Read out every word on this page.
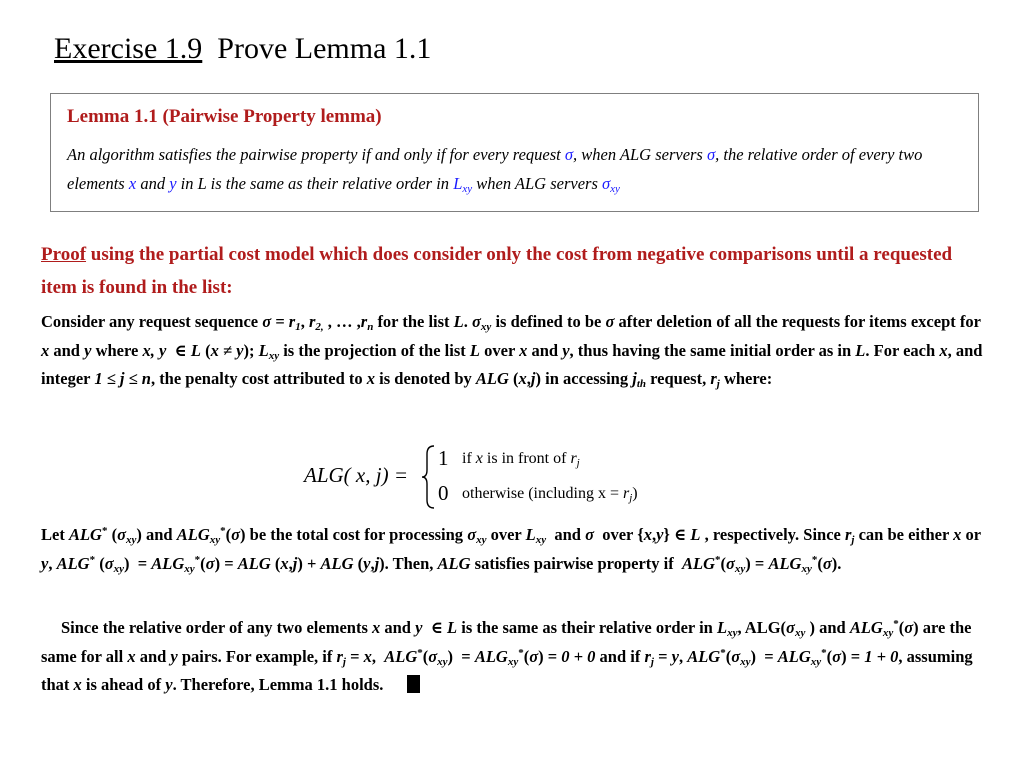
Exercise 1.9 Prove Lemma 1.1
Lemma 1.1 (Pairwise Property lemma)
An algorithm satisfies the pairwise property if and only if for every request σ, when ALG servers σ, the relative order of every two elements x and y in L is the same as their relative order in $L_{xy}$ when ALG servers $\sigma_{xy}$
Proof using the partial cost model which does consider only the cost from negative comparisons until a requested item is found in the list:
Consider any request sequence $\sigma = r_1$, $r_{2,}$ , … $,r_n$ for the list L. $\sigma_{xy}$ is defined to be σ after deletion of all the requests for items except for x and y where x, y  ∈ L (x ≠ y); $L_{xy}$ is the projection of the list L over x and y, thus having the same initial order as in L. For each x, and integer 1 ≤ j ≤ n, the penalty cost attributed to x is denoted by ALG (x,j) in accessing $j_{th}$ request, $r_j$ where:
ALG( x, j) =
1
0
if x is in front of $r_j$
otherwise (including $x = r_j$)
Let ALG* $(\sigma_{xy})$ and $ALG_{xy}^*(\sigma)$ be the total cost for processing $\sigma_{xy}$ over $L_{xy}$  and σ  over {x,y} ∈ L , respectively. Since $r_j$ can be either x or y, ALG* $(\sigma_{xy}) = ALG_{xy}^*(\sigma)$ = ALG (x,j) + ALG (y,j). Then, ALG satisfies pairwise property if  $ALG^*(\sigma_{xy}) = ALG_{xy}^*(\sigma)$.
Since the relative order of any two elements x and y  ∈ L is the same as their relative order in $L_{xy}$, $ALG(\sigma_{xy}$ ) and $ALG_{xy}^*(\sigma)$ are the same for all x and y pairs. For example, if $r_j = x$,  $ALG^*(\sigma_{xy}) = ALG_{xy}^*(\sigma) = 0 + 0$ and if $r_j = y$, $ALG^*(\sigma_{xy}) = ALG_{xy}^*(\sigma) = 1 + 0$, assuming that x is ahead of y. Therefore, Lemma 1.1 holds.
